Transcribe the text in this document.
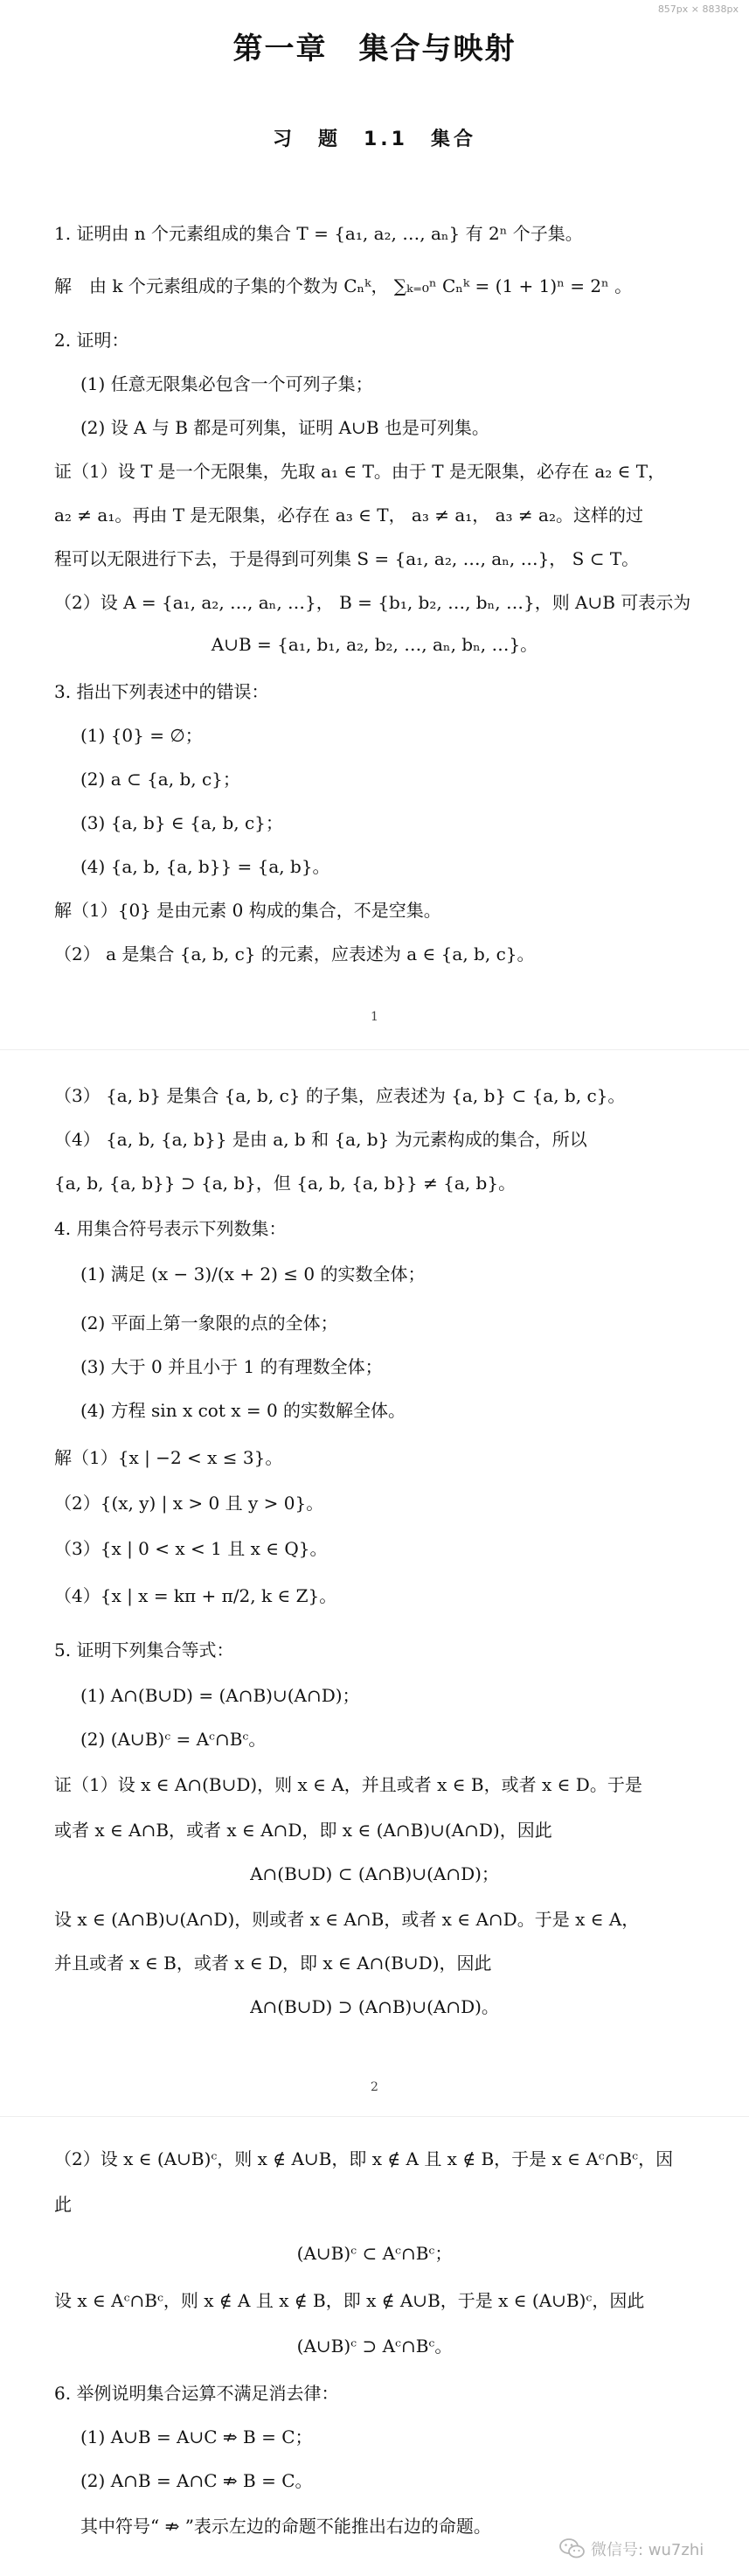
857px × 8838px
第一章　集合与映射
习　题　1.1　集合
1. 证明由 n 个元素组成的集合 T = {a₁, a₂, …, aₙ} 有 2ⁿ 个子集。
解　由 k 个元素组成的子集的个数为 Cₙᵏ， ∑ₖ₌₀ⁿ Cₙᵏ = (1 + 1)ⁿ = 2ⁿ 。
2. 证明：
(1) 任意无限集必包含一个可列子集；
(2) 设 A 与 B 都是可列集，证明 A∪B 也是可列集。
证（1）设 T 是一个无限集，先取 a₁ ∈ T。由于 T 是无限集，必存在 a₂ ∈ T，
a₂ ≠ a₁。再由 T 是无限集，必存在 a₃ ∈ T， a₃ ≠ a₁， a₃ ≠ a₂。这样的过
程可以无限进行下去，于是得到可列集 S = {a₁, a₂, …, aₙ, …}， S ⊂ T。
（2）设 A = {a₁, a₂, …, aₙ, …}， B = {b₁, b₂, …, bₙ, …}，则 A∪B 可表示为
A∪B = {a₁, b₁, a₂, b₂, …, aₙ, bₙ, …}。
3. 指出下列表述中的错误：
(1) {0} = ∅；
(2) a ⊂ {a, b, c}；
(3) {a, b} ∈ {a, b, c}；
(4) {a, b, {a, b}} = {a, b}。
解（1）{0} 是由元素 0 构成的集合，不是空集。
（2） a 是集合 {a, b, c} 的元素，应表述为 a ∈ {a, b, c}。
1
（3） {a, b} 是集合 {a, b, c} 的子集，应表述为 {a, b} ⊂ {a, b, c}。
（4） {a, b, {a, b}} 是由 a, b 和 {a, b} 为元素构成的集合，所以
{a, b, {a, b}} ⊃ {a, b}，但 {a, b, {a, b}} ≠ {a, b}。
4. 用集合符号表示下列数集：
(1) 满足 (x − 3)/(x + 2) ≤ 0 的实数全体；
(2) 平面上第一象限的点的全体；
(3) 大于 0 并且小于 1 的有理数全体；
(4) 方程 sin x cot x = 0 的实数解全体。
解（1）{x | −2 < x ≤ 3}。
（2）{(x, y) | x > 0 且 y > 0}。
（3）{x | 0 < x < 1 且 x ∈ Q}。
（4）{x | x = kπ + π/2, k ∈ Z}。
5. 证明下列集合等式：
(1) A∩(B∪D) = (A∩B)∪(A∩D)；
(2) (A∪B)ᶜ = Aᶜ∩Bᶜ。
证（1）设 x ∈ A∩(B∪D)，则 x ∈ A，并且或者 x ∈ B，或者 x ∈ D。于是
或者 x ∈ A∩B，或者 x ∈ A∩D，即 x ∈ (A∩B)∪(A∩D)，因此
A∩(B∪D) ⊂ (A∩B)∪(A∩D)；
设 x ∈ (A∩B)∪(A∩D)，则或者 x ∈ A∩B，或者 x ∈ A∩D。于是 x ∈ A，
并且或者 x ∈ B，或者 x ∈ D，即 x ∈ A∩(B∪D)，因此
A∩(B∪D) ⊃ (A∩B)∪(A∩D)。
2
（2）设 x ∈ (A∪B)ᶜ，则 x ∉ A∪B，即 x ∉ A 且 x ∉ B，于是 x ∈ Aᶜ∩Bᶜ，因
此
(A∪B)ᶜ ⊂ Aᶜ∩Bᶜ；
设 x ∈ Aᶜ∩Bᶜ，则 x ∉ A 且 x ∉ B，即 x ∉ A∪B，于是 x ∈ (A∪B)ᶜ，因此
(A∪B)ᶜ ⊃ Aᶜ∩Bᶜ。
6. 举例说明集合运算不满足消去律：
(1) A∪B = A∪C ⇏ B = C；
(2) A∩B = A∩C ⇏ B = C。
其中符号“ ⇏ ”表示左边的命题不能推出右边的命题。
微信号: wu7zhi
